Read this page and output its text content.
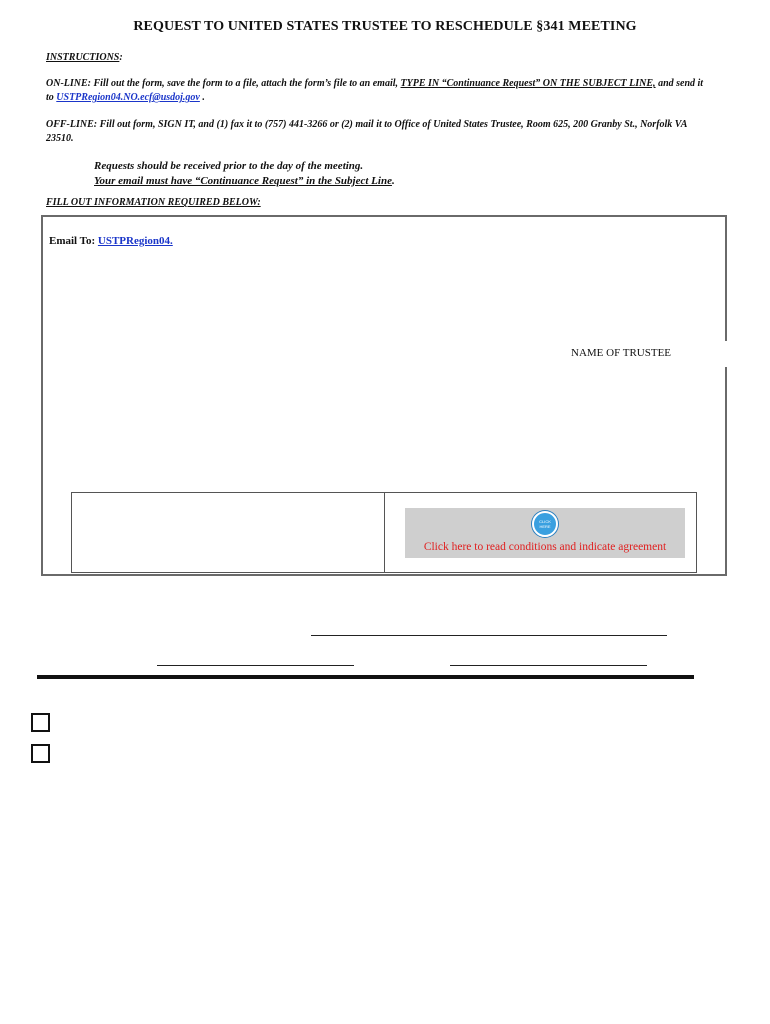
REQUEST TO UNITED STATES TRUSTEE TO RESCHEDULE §341 MEETING
INSTRUCTIONS:
ON-LINE: Fill out the form, save the form to a file, attach the form’s file to an email, TYPE IN “Continuance Request” ON THE SUBJECT LINE, and send it to USTPRegion04.NO.ecf@usdoj.gov .
OFF-LINE: Fill out form, SIGN IT, and (1) fax it to (757) 441-3266 or (2) mail it to Office of United States Trustee, Room 625, 200 Granby St., Norfolk VA 23510.
Requests should be received prior to the day of the meeting.
Your email must have “Continuance Request” in the Subject Line.
FILL OUT INFORMATION REQUIRED BELOW:
Email To: USTPRegion04.
NAME OF TRUSTEE
CLICK HERE
Click here to read conditions and indicate agreement
